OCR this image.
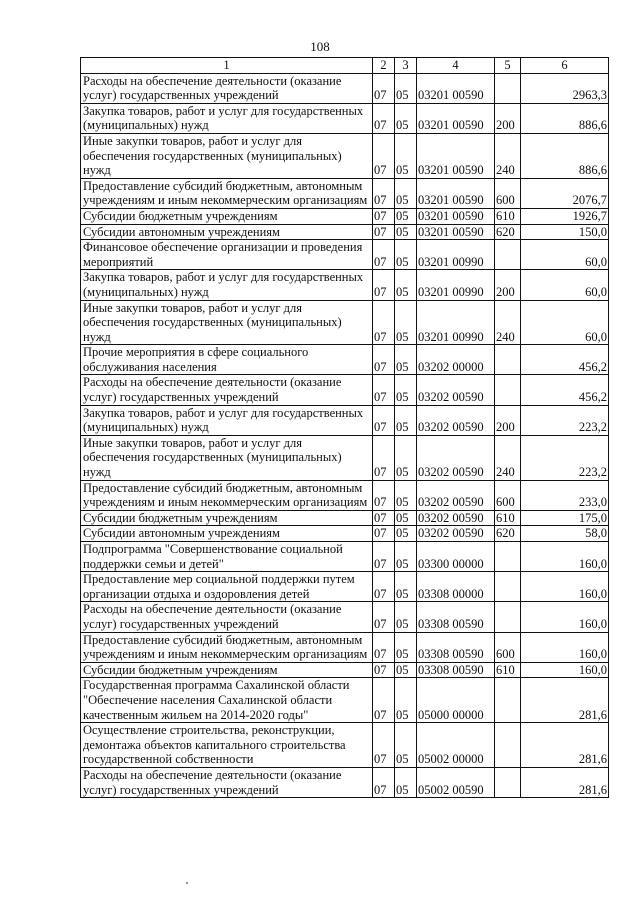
108
1	2	3	4	5	6
Расходы на обеспечение деятельности (оказание услуг) государственных учреждений	07	05	03201 00590		2963,3
Закупка товаров, работ и услуг для государственных (муниципальных) нужд	07	05	03201 00590	200	886,6
Иные закупки товаров, работ и услуг для обеспечения государственных (муниципальных) нужд	07	05	03201 00590	240	886,6
Предоставление субсидий бюджетным, автономным учреждениям и иным некоммерческим организациям	07	05	03201 00590	600	2076,7
Субсидии бюджетным учреждениям	07	05	03201 00590	610	1926,7
Субсидии автономным учреждениям	07	05	03201 00590	620	150,0
Финансовое обеспечение организации и проведения мероприятий	07	05	03201 00990		60,0
Закупка товаров, работ и услуг для государственных (муниципальных) нужд	07	05	03201 00990	200	60,0
Иные закупки товаров, работ и услуг для обеспечения государственных (муниципальных) нужд	07	05	03201 00990	240	60,0
Прочие мероприятия в сфере социального обслуживания населения	07	05	03202 00000		456,2
Расходы на обеспечение деятельности (оказание услуг) государственных учреждений	07	05	03202 00590		456,2
Закупка товаров, работ и услуг для государственных (муниципальных) нужд	07	05	03202 00590	200	223,2
Иные закупки товаров, работ и услуг для обеспечения государственных (муниципальных) нужд	07	05	03202 00590	240	223,2
Предоставление субсидий бюджетным, автономным учреждениям и иным некоммерческим организациям	07	05	03202 00590	600	233,0
Субсидии бюджетным учреждениям	07	05	03202 00590	610	175,0
Субсидии автономным учреждениям	07	05	03202 00590	620	58,0
Подпрограмма "Совершенствование социальной поддержки семьи и детей"	07	05	03300 00000		160,0
Предоставление мер социальной поддержки путем организации отдыха и оздоровления детей	07	05	03308 00000		160,0
Расходы на обеспечение деятельности (оказание услуг) государственных учреждений	07	05	03308 00590		160,0
Предоставление субсидий бюджетным, автономным учреждениям и иным некоммерческим организациям	07	05	03308 00590	600	160,0
Субсидии бюджетным учреждениям	07	05	03308 00590	610	160,0
Государственная программа Сахалинской области "Обеспечение населения Сахалинской области качественным жильем на 2014-2020 годы"	07	05	05000 00000		281,6
Осуществление строительства, реконструкции, демонтажа объектов капитального строительства государственной собственности	07	05	05002 00000		281,6
Расходы на обеспечение деятельности (оказание услуг) государственных учреждений	07	05	05002 00590		281,6
